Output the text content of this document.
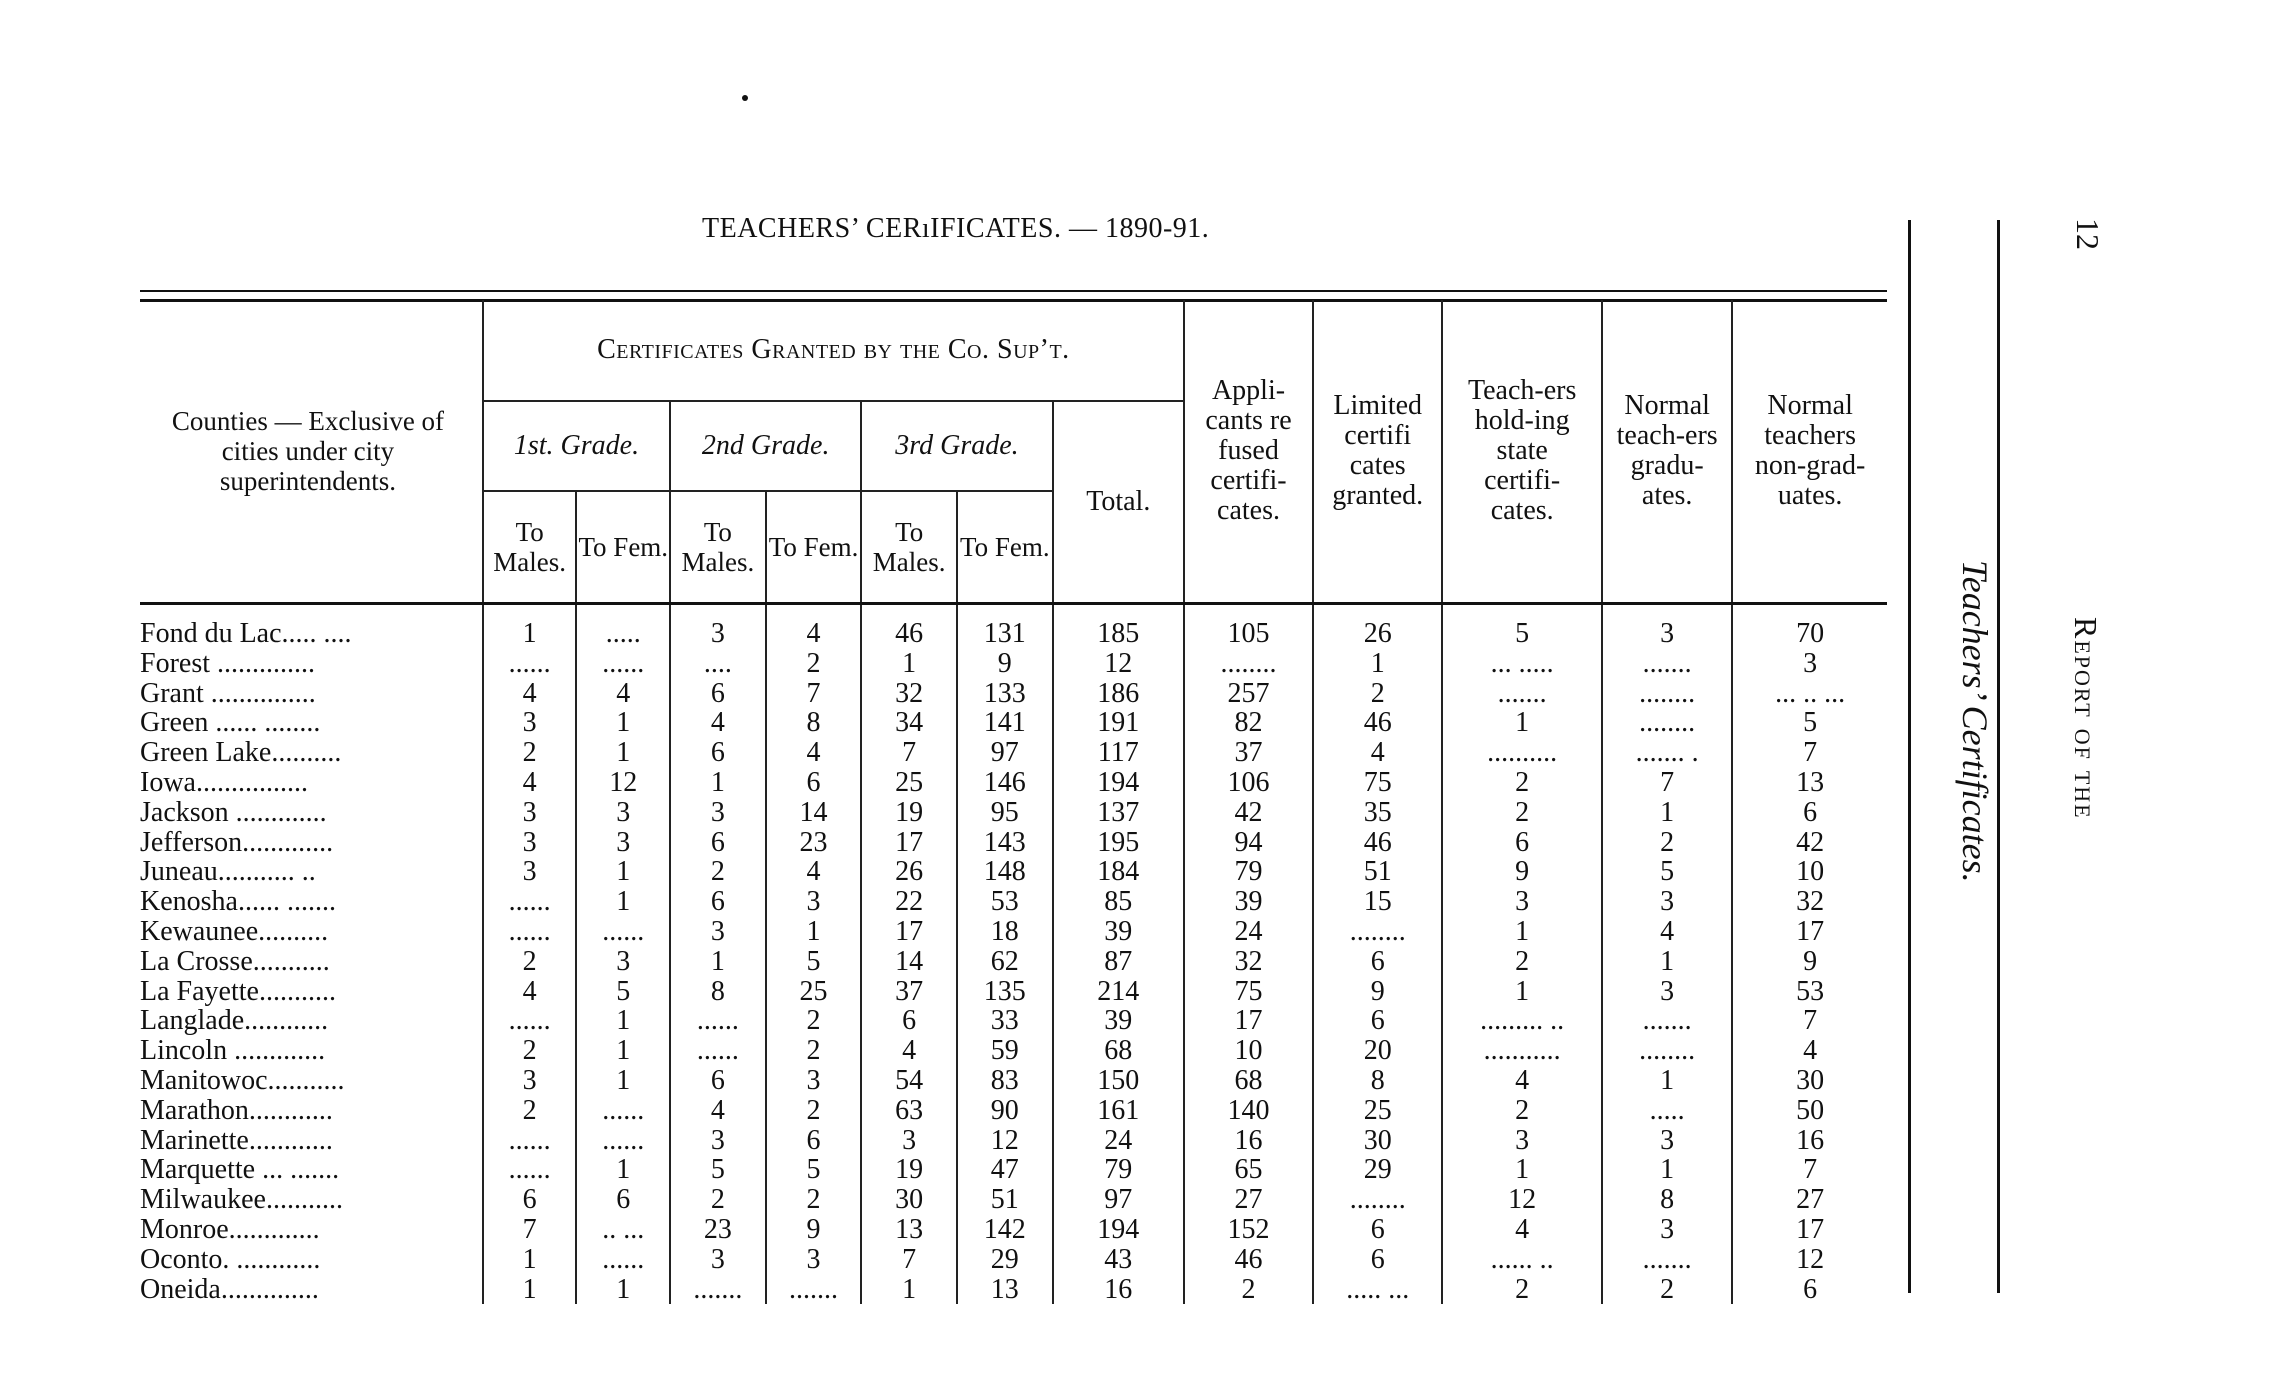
TEACHERS’ CERıIFICATES. — 1890-91.
Counties — Exclusive of cities under city superintendents.	Certificates Granted by the Co. Sup’t.							Appli-cants re fused certifi-cates.	Limited certifi cates granted.	Teach-ers hold-ing state certifi-cates.	Normal teach-ers gradu-ates.	Normal teachers non-grad-uates.
	1st. Grade.		2nd Grade.		3rd Grade.		Total.					
	To Males.	To Fem.	To Males.	To Fem.	To Males.	To Fem.						
Fond du Lac..... ....	1	.....	3	4	46	131	185	105	26	5	3	70
Forest ..............	......	......	....	2	1	9	12	........	1	... .....	.......	3
Grant ...............	4	4	6	7	32	133	186	257	2	.......	........	... .. ...
Green ...... ........	3	1	4	8	34	141	191	82	46	1	........	5
Green Lake..........	2	1	6	4	7	97	117	37	4	..........	....... .	7
Iowa................	4	12	1	6	25	146	194	106	75	2	7	13
Jackson .............	3	3	3	14	19	95	137	42	35	2	1	6
Jefferson.............	3	3	6	23	17	143	195	94	46	6	2	42
Juneau........... ..	3	1	2	4	26	148	184	79	51	9	5	10
Kenosha...... .......	......	1	6	3	22	53	85	39	15	3	3	32
Kewaunee..........	......	......	3	1	17	18	39	24	........	1	4	17
La Crosse...........	2	3	1	5	14	62	87	32	6	2	1	9
La Fayette...........	4	5	8	25	37	135	214	75	9	1	3	53
Langlade............	......	1	......	2	6	33	39	17	6	......... ..	.......	7
Lincoln .............	2	1	......	2	4	59	68	10	20	...........	........	4
Manitowoc...........	3	1	6	3	54	83	150	68	8	4	1	30
Marathon............	2	......	4	2	63	90	161	140	25	2	.....	50
Marinette............	......	......	3	6	3	12	24	16	30	3	3	16
Marquette ... .......	......	1	5	5	19	47	79	65	29	1	1	7
Milwaukee...........	6	6	2	2	30	51	97	27	........	12	8	27
Monroe.............	7	.. ...	23	9	13	142	194	152	6	4	3	17
Oconto. ............	1	......	3	3	7	29	43	46	6	...... ..	.......	12
Oneida..............	1	1	.......	.......	1	13	16	2	..... ...	2	2	6
Teachers’ Certificates. Report of the
12
